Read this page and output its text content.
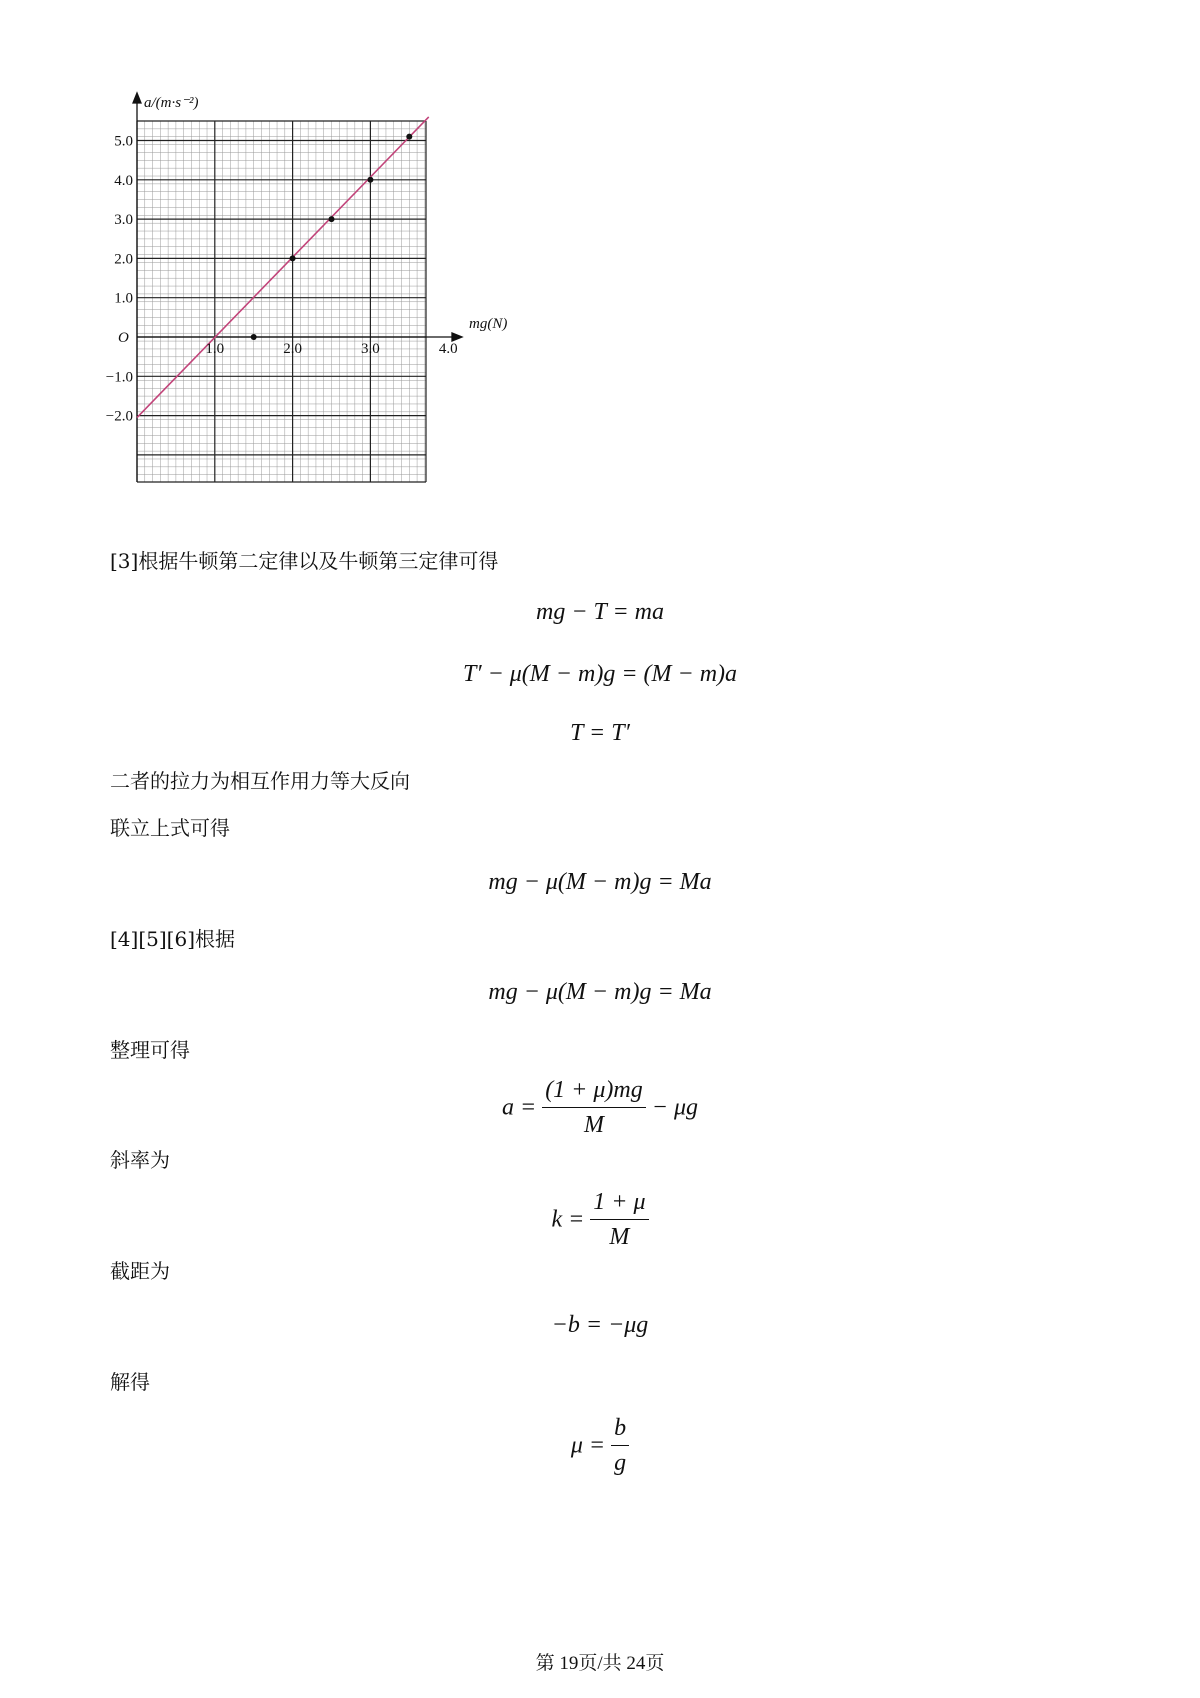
5.0
4.0
3.0
2.0
1.0
−1.0
−2.0
1.0	2.0	3.0	4.0
a/(m·s⁻²)
mg(N)
O
[3]根据牛顿第二定律以及牛顿第三定律可得
mg − T = ma
T′ − μ(M − m)g = (M − m)a
T = T′
二者的拉力为相互作用力等大反向
联立上式可得
mg − μ(M − m)g = Ma
[4][5][6]根据
mg − μ(M − m)g = Ma
整理可得
$a = \frac{(1 + \mu)mg}{M} - \mu g$
斜率为
$k = \frac{1 + \mu}{M}$
截距为
−b = −μg
解得
$\mu = \frac{b}{g}$
第 19页/共 24页
